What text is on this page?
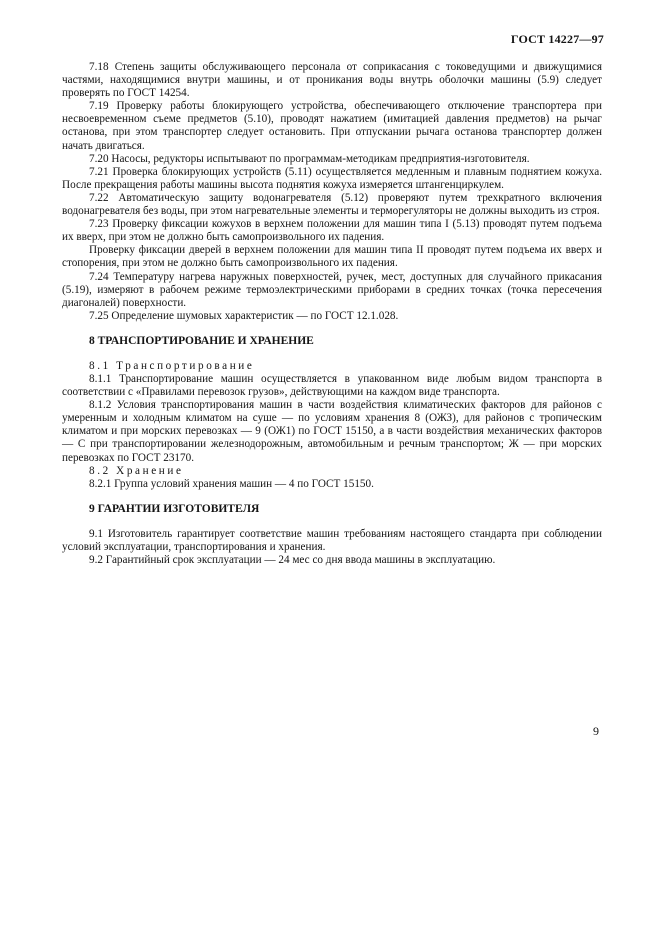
ГОСТ 14227—97

7.18 Степень защиты обслуживающего персонала от соприкасания с токоведущими и движущимися частями, находящимися внутри машины, и от проникания воды внутрь оболочки машины (5.9) следует проверять по ГОСТ 14254.

7.19 Проверку работы блокирующего устройства, обеспечивающего отключение транспортера при несвоевременном съеме предметов (5.10), проводят нажатием (имитацией давления предметов) на рычаг останова, при этом транспортер следует остановить. При отпускании рычага останова транспортер должен начать двигаться.

7.20 Насосы, редукторы испытывают по программам-методикам предприятия-изготовителя.

7.21 Проверка блокирующих устройств (5.11) осуществляется медленным и плавным поднятием кожуха. После прекращения работы машины высота поднятия кожуха измеряется штангенциркулем.

7.22 Автоматическую защиту водонагревателя (5.12) проверяют путем трехкратного включения водонагревателя без воды, при этом нагревательные элементы и терморегуляторы не должны выходить из строя.

7.23 Проверку фиксации кожухов в верхнем положении для машин типа I (5.13) проводят путем подъема их вверх, при этом не должно быть самопроизвольного их падения.

Проверку фиксации дверей в верхнем положении для машин типа II проводят путем подъема их вверх и стопорения, при этом не должно быть самопроизвольного их падения.

7.24 Температуру нагрева наружных поверхностей, ручек, мест, доступных для случайного прикасания (5.19), измеряют в рабочем режиме термоэлектрическими приборами в средних точках (точка пересечения диагоналей) поверхности.

7.25 Определение шумовых характеристик — по ГОСТ 12.1.028.

8 ТРАНСПОРТИРОВАНИЕ И ХРАНЕНИЕ

8.1 Транспортирование

8.1.1 Транспортирование машин осуществляется в упакованном виде любым видом транспорта в соответствии с «Правилами перевозок грузов», действующими на каждом виде транспорта.

8.1.2 Условия транспортирования машин в части воздействия климатических факторов для районов с умеренным и холодным климатом на суше — по условиям хранения 8 (ОЖЗ), для районов с тропическим климатом и при морских перевозках — 9 (ОЖ1) по ГОСТ 15150, а в части воздействия механических факторов — С при транспортировании железнодорожным, автомобильным и речным транспортом; Ж — при морских перевозках по ГОСТ 23170.

8.2 Хранение

8.2.1 Группа условий хранения машин — 4 по ГОСТ 15150.

9 ГАРАНТИИ ИЗГОТОВИТЕЛЯ

9.1 Изготовитель гарантирует соответствие машин требованиям настоящего стандарта при соблюдении условий эксплуатации, транспортирования и хранения.

9.2 Гарантийный срок эксплуатации — 24 мес со дня ввода машины в эксплуатацию.

9
